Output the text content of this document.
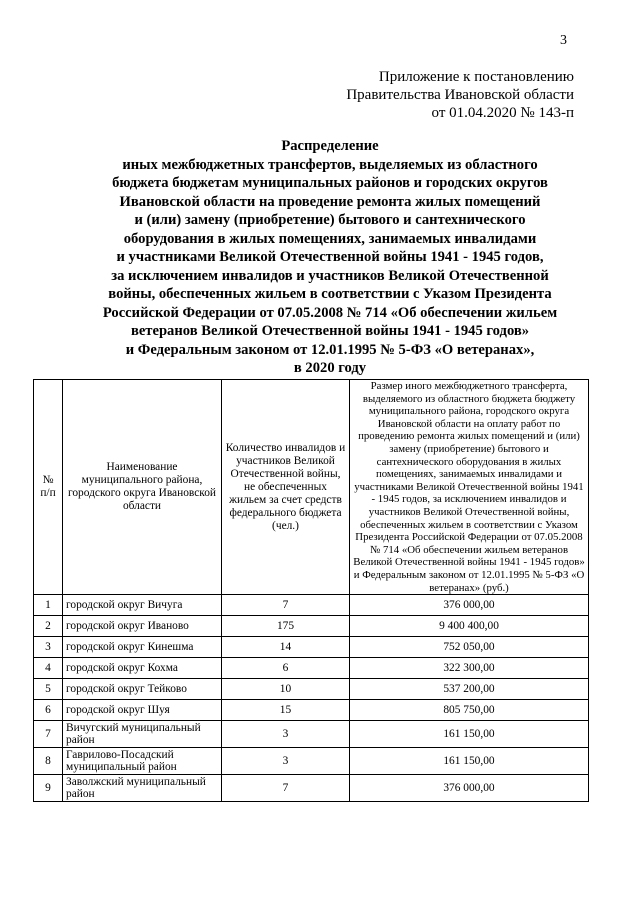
3
Приложение к постановлению
Правительства Ивановской области
от 01.04.2020 № 143-п
Распределение
иных межбюджетных трансфертов, выделяемых из областного
бюджета бюджетам муниципальных районов и городских округов
Ивановской области на проведение ремонта жилых помещений
и (или) замену (приобретение) бытового и сантехнического
оборудования в жилых помещениях, занимаемых инвалидами
и участниками Великой Отечественной войны 1941 - 1945 годов,
за исключением инвалидов и участников Великой Отечественной
войны, обеспеченных жильем в соответствии с Указом Президента
Российской Федерации от 07.05.2008 № 714 «Об обеспечении жильем
ветеранов Великой Отечественной войны 1941 - 1945 годов»
и Федеральным законом от 12.01.1995 № 5-ФЗ «О ветеранах»,
в 2020 году
№ п/п	Наименование муниципального района, городского округа Ивановской области	Количество инвалидов и участников Великой Отечественной войны, не обеспеченных жильем за счет средств федерального бюджета (чел.)	Размер иного межбюджетного трансферта, выделяемого из областного бюджета бюджету муниципального района, городского округа Ивановской области на оплату работ по проведению ремонта жилых помещений и (или) замену (приобретение) бытового и сантехнического оборудования в жилых помещениях, занимаемых инвалидами и участниками Великой Отечественной войны 1941 - 1945 годов, за исключением инвалидов и участников Великой Отечественной войны, обеспеченных жильем в соответствии с Указом Президента Российской Федерации от 07.05.2008 № 714 «Об обеспечении жильем ветеранов Великой Отечественной войны 1941 - 1945 годов» и Федеральным законом от 12.01.1995 № 5-ФЗ «О ветеранах» (руб.)
1	городской округ Вичуга	7	376 000,00
2	городской округ Иваново	175	9 400 400,00
3	городской округ Кинешма	14	752 050,00
4	городской округ Кохма	6	322 300,00
5	городской округ Тейково	10	537 200,00
6	городской округ Шуя	15	805 750,00
7	Вичугский муниципальный район	3	161 150,00
8	Гаврилово-Посадский муниципальный район	3	161 150,00
9	Заволжский муниципальный район	7	376 000,00
